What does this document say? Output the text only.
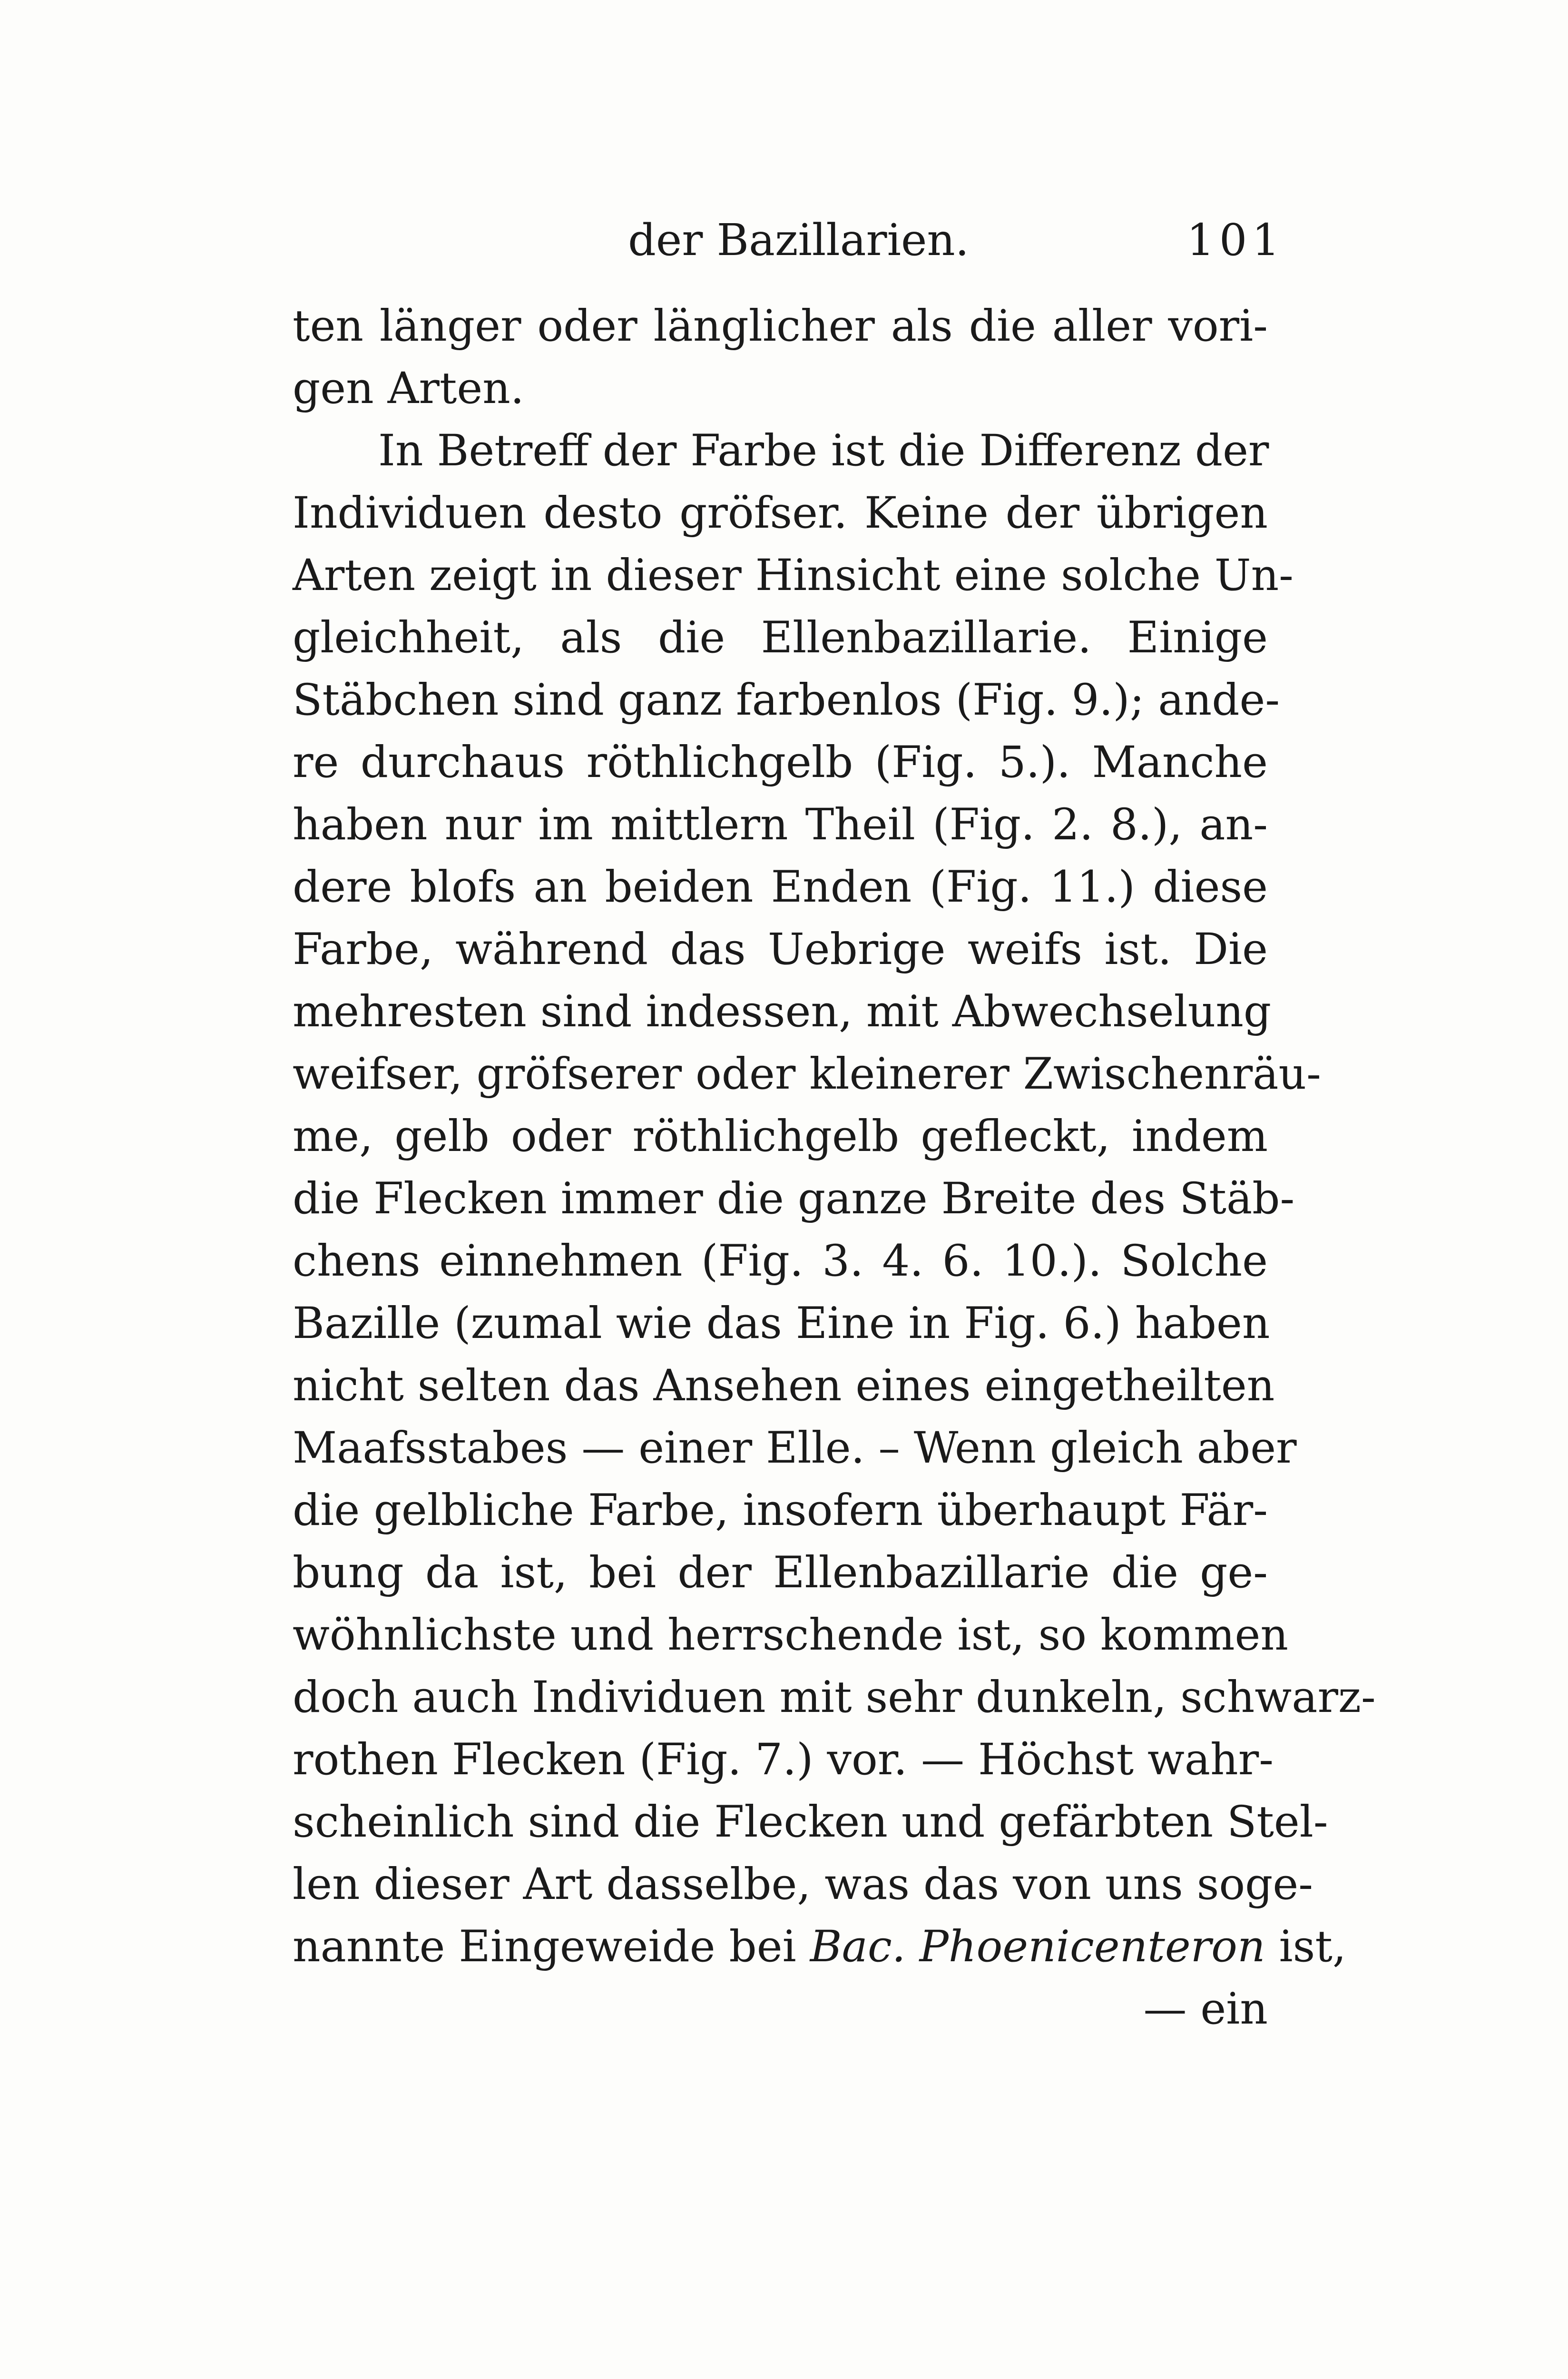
der Bazillarien.	101
ten länger oder länglicher als die aller vori-
gen Arten.
In Betreff der Farbe ist die Differenz der
Individuen desto gröfser. Keine der übrigen
Arten zeigt in dieser Hinsicht eine solche Un-
gleichheit, als die Ellenbazillarie. Einige
Stäbchen sind ganz farbenlos (Fig. 9.); ande-
re durchaus röthlichgelb (Fig. 5.). Manche
haben nur im mittlern Theil (Fig. 2. 8.), an-
dere blofs an beiden Enden (Fig. 11.) diese
Farbe, während das Uebrige weifs ist. Die
mehresten sind indessen, mit Abwechselung
weifser, gröfserer oder kleinerer Zwischenräu-
me, gelb oder röthlichgelb gefleckt, indem
die Flecken immer die ganze Breite des Stäb-
chens einnehmen (Fig. 3. 4. 6. 10.). Solche
Bazille (zumal wie das Eine in Fig. 6.) haben
nicht selten das Ansehen eines eingetheilten
Maafsstabes — einer Elle. – Wenn gleich aber
die gelbliche Farbe, insofern überhaupt Fär-
bung da ist, bei der Ellenbazillarie die ge-
wöhnlichste und herrschende ist, so kommen
doch auch Individuen mit sehr dunkeln, schwarz-
rothen Flecken (Fig. 7.) vor. — Höchst wahr-
scheinlich sind die Flecken und gefärbten Stel-
len dieser Art dasselbe, was das von uns soge-
nannte Eingeweide bei Bac. Phoenicenteron ist,
— ein
